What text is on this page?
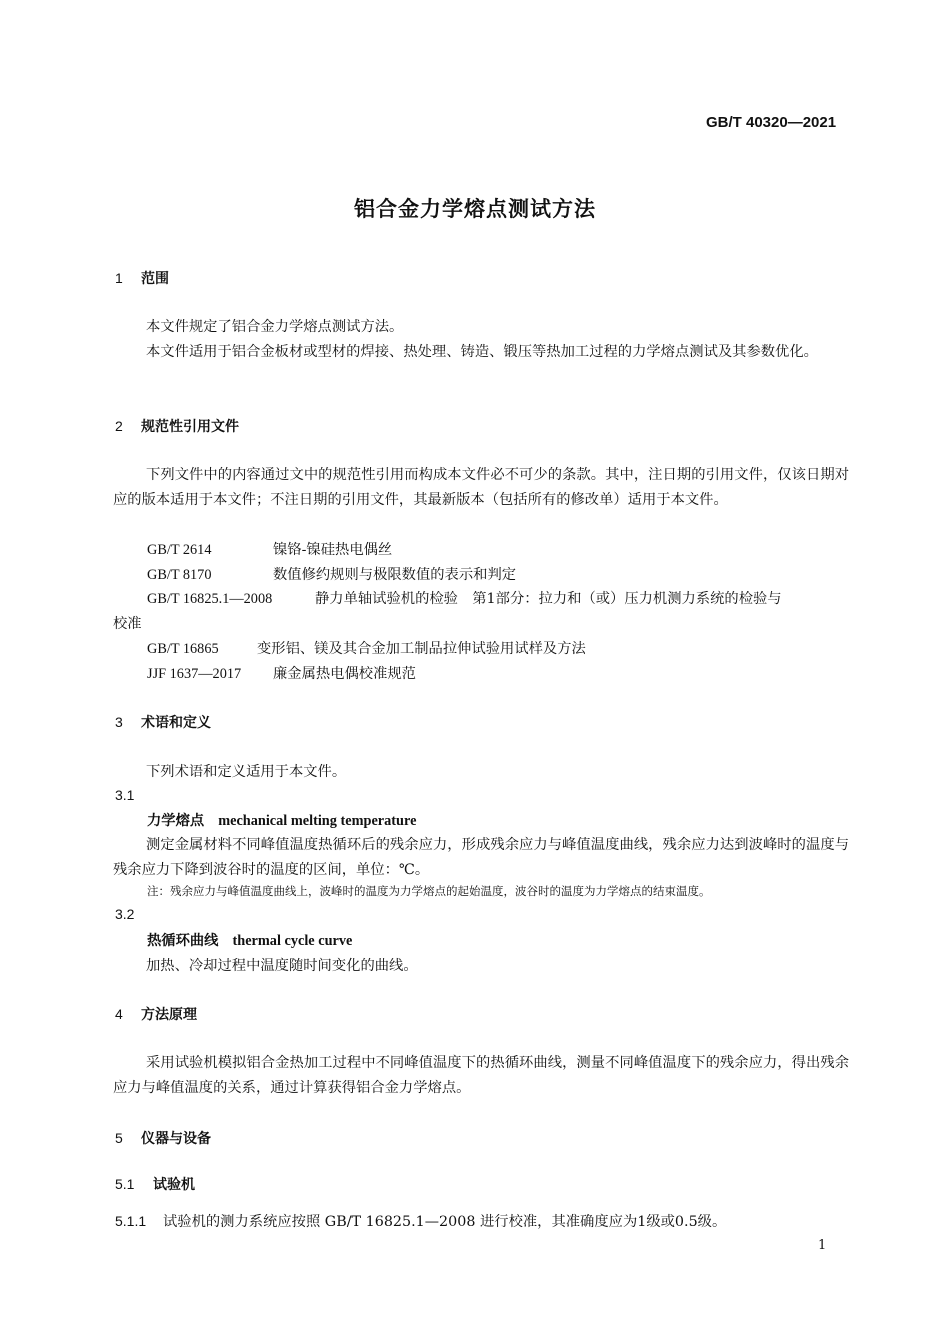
GB/T 40320—2021
铝合金力学熔点测试方法
1 范围
本文件规定了铝合金力学熔点测试方法。
本文件适用于铝合金板材或型材的焊接、热处理、铸造、锻压等热加工过程的力学熔点测试及其参数优化。
2 规范性引用文件
下列文件中的内容通过文中的规范性引用而构成本文件必不可少的条款。其中，注日期的引用文件，仅该日期对应的版本适用于本文件；不注日期的引用文件，其最新版本（包括所有的修改单）适用于本文件。
GB/T 2614	镍铬-镍硅热电偶丝
GB/T 8170	数值修约规则与极限数值的表示和判定
GB/T 16825.1—2008	静力单轴试验机的检验　第1部分：拉力和（或）压力机测力系统的检验与
校准
GB/T 16865	变形铝、镁及其合金加工制品拉伸试验用试样及方法
JJF 1637—2017 廉金属热电偶校准规范
3 术语和定义
下列术语和定义适用于本文件。
3.1
力学熔点 mechanical melting temperature
测定金属材料不同峰值温度热循环后的残余应力，形成残余应力与峰值温度曲线，残余应力达到波峰时的温度与残余应力下降到波谷时的温度的区间，单位：℃。
注：残余应力与峰值温度曲线上，波峰时的温度为力学熔点的起始温度，波谷时的温度为力学熔点的结束温度。
3.2
热循环曲线 thermal cycle curve
加热、冷却过程中温度随时间变化的曲线。
4 方法原理
采用试验机模拟铝合金热加工过程中不同峰值温度下的热循环曲线，测量不同峰值温度下的残余应力，得出残余应力与峰值温度的关系，通过计算获得铝合金力学熔点。
5 仪器与设备
5.1 试验机
5.1.1 试验机的测力系统应按照 GB/T 16825.1—2008 进行校准，其准确度应为1级或0.5级。
1
